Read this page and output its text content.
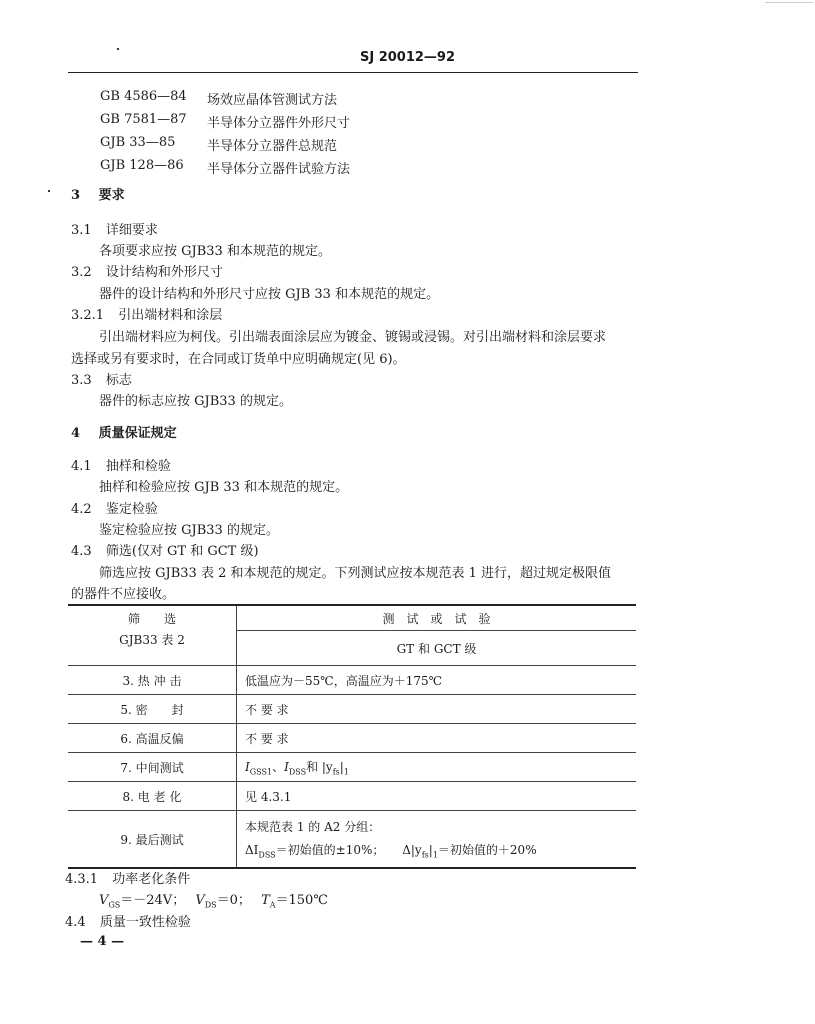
SJ 20012—92
GB 4586—84 场效应晶体管测试方法
GB 7581—87 半导体分立器件外形尺寸
GJB 33—85 半导体分立器件总规范
GJB 128—86 半导体分立器件试验方法
3 要求
3.1 详细要求
各项要求应按 GJB33 和本规范的规定。
3.2 设计结构和外形尺寸
器件的设计结构和外形尺寸应按 GJB 33 和本规范的规定。
3.2.1 引出端材料和涂层
引出端材料应为柯伐。引出端表面涂层应为镀金、镀锡或浸锡。对引出端材料和涂层要求
选择或另有要求时，在合同或订货单中应明确规定(见 6)。
3.3 标志
器件的标志应按 GJB33 的规定。
4 质量保证规定
4.1 抽样和检验
抽样和检验应按 GJB 33 和本规范的规定。
4.2 鉴定检验
鉴定检验应按 GJB33 的规定。
4.3 筛选(仅对 GT 和 GCT 级)
筛选应按 GJB33 表 2 和本规范的规定。下列测试应按本规范表 1 进行，超过规定极限值
的器件不应接收。
筛　　选	测　试　或　试　验
GJB33 表 2	GT 和 GCT 级
3. 热 冲 击	低温应为－55℃，高温应为＋175℃
5. 密　　封	不 要 求
6. 高温反偏	不 要 求
7. 中间测试	$I_{GSS1}$、$I_{DSS}$和 $|y_{fs}|_1$
8. 电 老 化	见 4.3.1
9. 最后测试	本规范表 1 的 A2 分组：
$\Delta I_{DSS}=$初始值的±10%； $\Delta|y_{fs}|_1=$初始值的＋20%
4.3.1 功率老化条件
$V_{GS}=-24V$； $V_{DS}=0$； $T_A=150℃$
4.4 质量一致性检验
— 4 —
